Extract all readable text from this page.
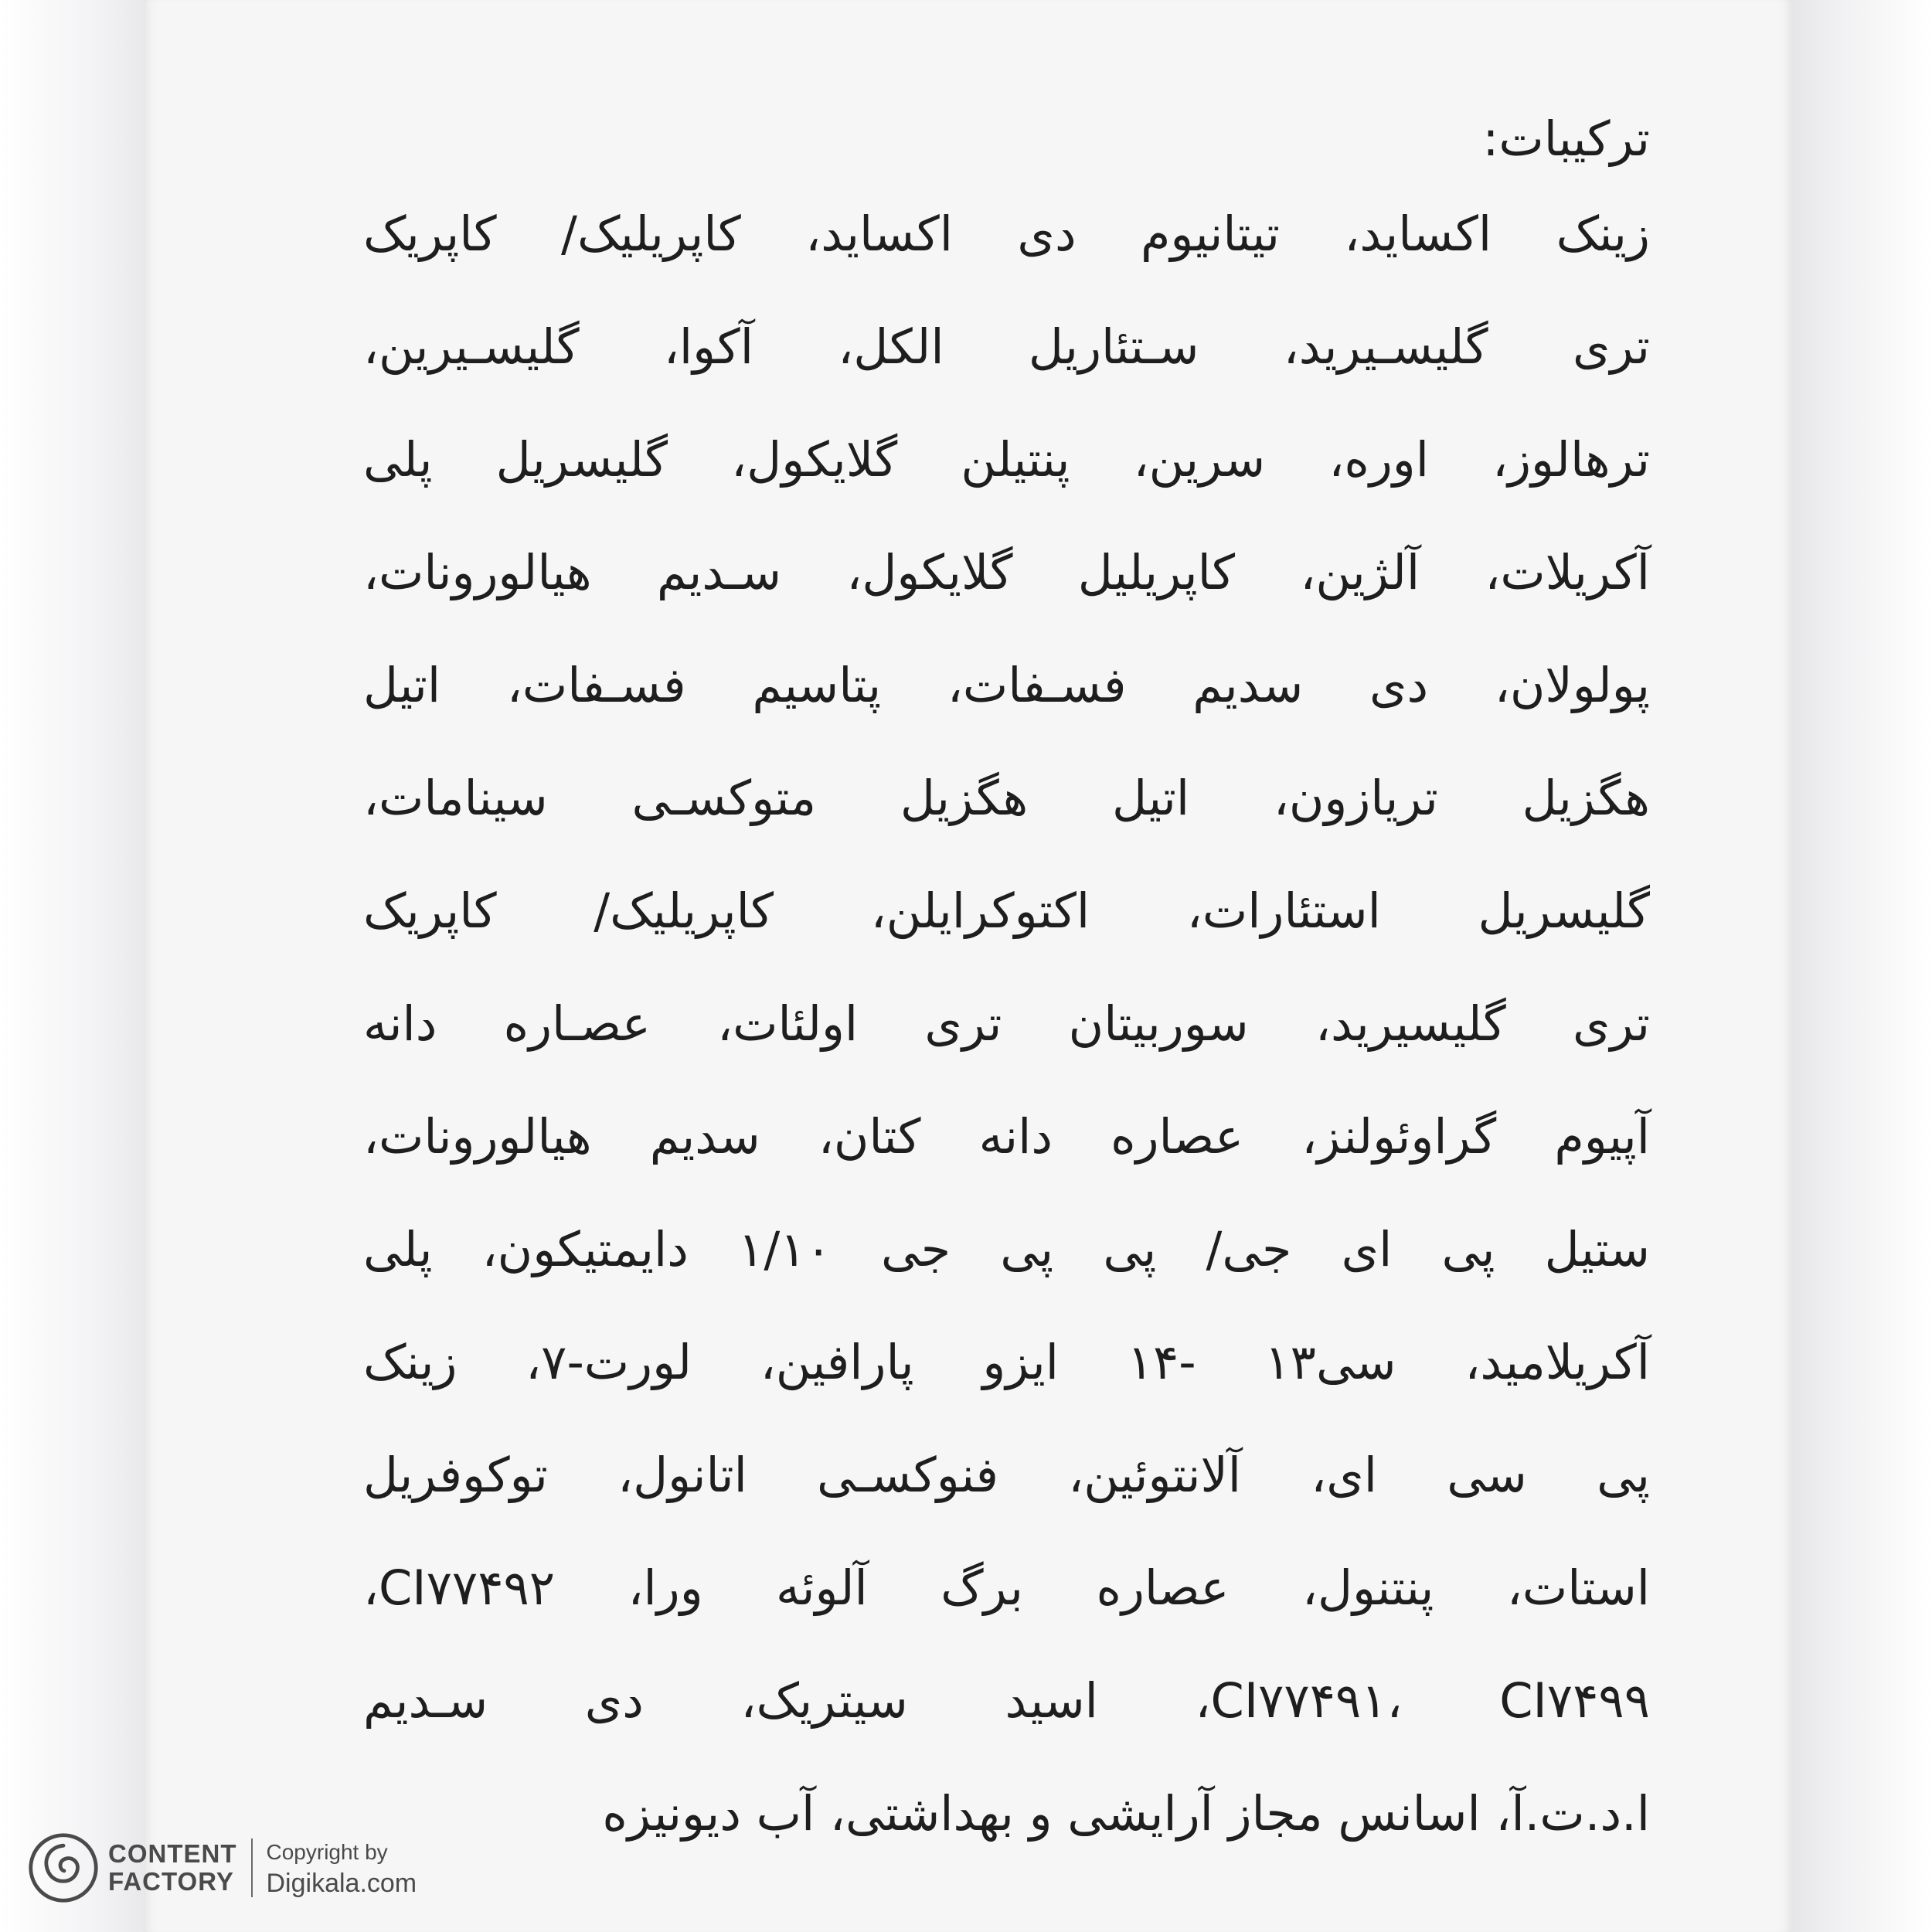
ترکیبات:
زینک اکساید، تیتانیوم دی اکساید، کاپریلیک/ کاپریک
تری گلیسـیرید، سـتئاریل الکل، آکوا، گلیسـیرین،
ترهالوز، اوره، سرین، پنتیلن گلایکول، گلیسریل پلی
آکریلات، آلژین، کاپریلیل گلایکول، سـدیم هیالورونات،
پولولان، دی سدیم فسـفات، پتاسیم فسـفات، اتیل
هگزیل تریازون، اتیل هگزیل متوکسـی سینامات،
گلیسریل استئارات، اکتوکرایلن، کاپریلیک/ کاپریک
تری گلیسیرید، سوربیتان تری اولئات، عصـاره دانه
آپیوم گراوئولنز، عصاره دانه کتان، سدیم هیالورونات،
ستیل پی ای جی/ پی پی جی ۱/۱۰ دایمتیکون، پلی
آکریلامید، سی۱۳ -۱۴ ایزو پارافین، لورت-۷، زینک
پی سی ای، آلانتوئین، فنوکسـی اتانول، توکوفریل
استات، پنتنول، عصاره برگ آلوئه ورا، CI۷۷۴۹۲،
CI۷۷۴۹۱، CI۷۴۹۹، اسید سیتریک، دی سـدیم
ا.د.ت.آ، اسانس مجاز آرایشی و بهداشتی، آب دیونیزه
CONTENT
FACTORY
Copyright by
Digikala.com
